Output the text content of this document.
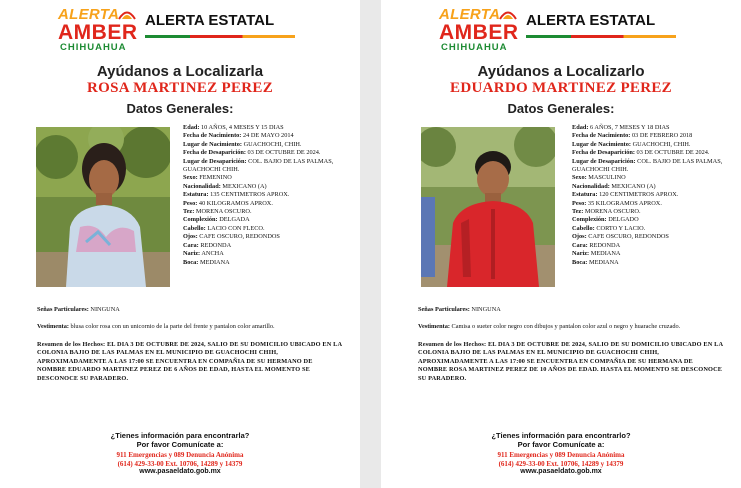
ALERTA
AMBER
CHIHUAHUA
ALERTA ESTATAL
Ayúdanos a Localizarla
ROSA MARTINEZ PEREZ
Datos Generales:
Edad: 10 AÑOS, 4 MESES Y 15 DIAS
Fecha de Nacimiento: 24 DE MAYO 2014
Lugar de Nacimiento: GUACHOCHI, CHIH.
Fecha de Desaparición: 03 DE OCTUBRE DE 2024.
Lugar de Desaparición: COL. BAJIO DE LAS PALMAS, GUACHOCHI CHIH.
Sexo: FEMENINO
Nacionalidad: MEXICANO (A)
Estatura: 135 CENTIMETROS APROX.
Peso: 40 KILOGRAMOS APROX.
Tez: MORENA OSCURO.
Complexión: DELGADA
Cabello: LACIO CON FLECO.
Ojos: CAFE OSCURO, REDONDOS
Cara: REDONDA
Nariz: ANCHA
Boca: MEDIANA
Señas Particulares: NINGUNA
Vestimenta: blusa color rosa con un unicornio de la parte del frente y pantalon color amarillo.
Resumen de los Hechos: EL DIA 3 DE OCTUBRE DE 2024, SALIO DE SU DOMICILIO UBICADO EN LA COLONIA BAJIO DE LAS PALMAS EN EL MUNICIPIO DE GUACHOCHI CHIH, APROXIMADAMENTE A LAS 17:00 SE ENCUENTRA EN COMPAÑIA DE SU HERMANO DE NOMBRE EDUARDO MARTINEZ PEREZ DE 6 AÑOS DE EDAD, HASTA EL MOMENTO SE DESCONOCE SU PARADERO.
¿Tienes información para encontrarla?
Por favor Comunícate a:
911 Emergencias y 089 Denuncia Anónima
(614) 429-33-00 Ext. 10706, 14289 y 14379
www.pasaeldato.gob.mx
ALERTA
AMBER
CHIHUAHUA
ALERTA ESTATAL
Ayúdanos a Localizarlo
EDUARDO MARTINEZ PEREZ
Datos Generales:
Edad: 6 AÑOS, 7 MESES Y 18 DIAS
Fecha de Nacimiento: 03 DE FEBRERO 2018
Lugar de Nacimiento: GUACHOCHI, CHIH.
Fecha de Desaparición: 03 DE OCTUBRE DE 2024.
Lugar de Desaparición: COL. BAJIO DE LAS PALMAS, GUACHOCHI CHIH.
Sexo: MASCULINO
Nacionalidad: MEXICANO (A)
Estatura: 120 CENTIMETROS APROX.
Peso: 35 KILOGRAMOS APROX.
Tez: MORENA OSCURO.
Complexión: DELGADO
Cabello: CORTO Y LACIO.
Ojos: CAFE OSCURO, REDONDOS
Cara: REDONDA
Nariz: MEDIANA
Boca: MEDIANA
Señas Particulares: NINGUNA
Vestimenta: Camisa o sueter color negro con dibujos y pantalon color azul o negro y huarache cruzado.
Resumen de los Hechos: EL DIA 3 DE OCTUBRE DE 2024, SALIO DE SU DOMICILIO UBICADO EN LA COLONIA BAJIO DE LAS PALMAS EN EL MUNICIPIO DE GUACHOCHI CHIH, APROXIMADAMENTE A LAS 17:00 SE ENCUENTRA EN COMPAÑIA DE SU HERMANA DE NOMBRE ROSA MARTINEZ PEREZ DE 10 AÑOS DE EDAD. HASTA EL MOMENTO SE DESCONOCE SU PARADERO.
¿Tienes información para encontrarlo?
Por favor Comunícate a:
911 Emergencias y 089 Denuncia Anónima
(614) 429-33-00 Ext. 10706, 14289 y 14379
www.pasaeldato.gob.mx
